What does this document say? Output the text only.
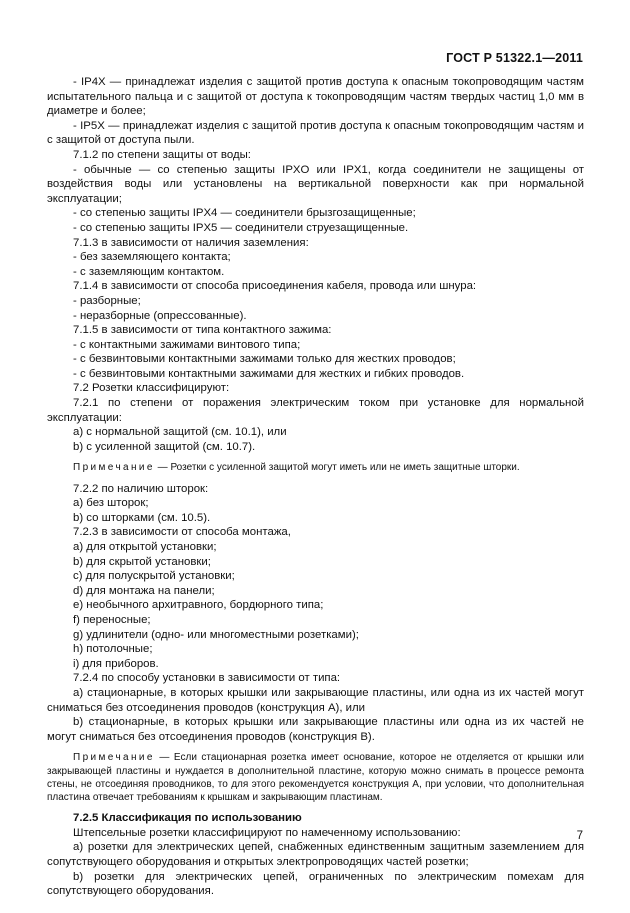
ГОСТ Р 51322.1—2011

- IP4X — принадлежат изделия с защитой против доступа к опасным токопроводящим частям испытательного пальца и с защитой от доступа к токопроводящим частям твердых частиц 1,0 мм в диаметре и более;

- IP5X — принадлежат изделия с защитой против доступа к опасным токопроводящим частям и с защитой от доступа пыли.

7.1.2 по степени защиты от воды:

- обычные — со степенью защиты IPXO или IPX1, когда соединители не защищены от воздействия воды или установлены на вертикальной поверхности как при нормальной эксплуатации;

- со степенью защиты IPX4 — соединители брызгозащищенные;

- со степенью защиты IPX5 — соединители струезащищенные.

7.1.3 в зависимости от наличия заземления:

- без заземляющего контакта;

- с заземляющим контактом.

7.1.4 в зависимости от способа присоединения кабеля, провода или шнура:

- разборные;

- неразборные (опрессованные).

7.1.5 в зависимости от типа контактного зажима:

- с контактными зажимами винтового типа;

- с безвинтовыми контактными зажимами только для жестких проводов;

- с безвинтовыми контактными зажимами для жестких и гибких проводов.

7.2 Розетки классифицируют:

7.2.1 по степени от поражения электрическим током при установке для нормальной эксплуатации:

a) с нормальной защитой (см. 10.1), или

b) с усиленной защитой (см. 10.7).

Примечание — Розетки с усиленной защитой могут иметь или не иметь защитные шторки.

7.2.2 по наличию шторок:

a) без шторок;

b) со шторками (см. 10.5).

7.2.3 в зависимости от способа монтажа,

a) для открытой установки;

b) для скрытой установки;

c) для полускрытой установки;

d) для монтажа на панели;

e) необычного архитравного, бордюрного типа;

f) переносные;

g) удлинители (одно- или многоместными розетками);

h) потолочные;

i) для приборов.

7.2.4 по способу установки в зависимости от типа:

a) стационарные, в которых крышки или закрывающие пластины, или одна из их частей могут сниматься без отсоединения проводов (конструкция А), или

b) стационарные, в которых крышки или закрывающие пластины или одна из их частей не могут сниматься без отсоединения проводов (конструкция В).

Примечание — Если стационарная розетка имеет основание, которое не отделяется от крышки или закрывающей пластины и нуждается в дополнительной пластине, которую можно снимать в процессе ремонта стены, не отсоединяя проводников, то для этого рекомендуется конструкция А, при условии, что дополнительная пластина отвечает требованиям к крышкам и закрывающим пластинам.

7.2.5 Классификация по использованию

Штепсельные розетки классифицируют по намеченному использованию:

a) розетки для электрических цепей, снабженных единственным защитным заземлением для сопутствующего оборудования и открытых электропроводящих частей розетки;

b) розетки для электрических цепей, ограниченных по электрическим помехам для сопутствующего оборудования.

7
